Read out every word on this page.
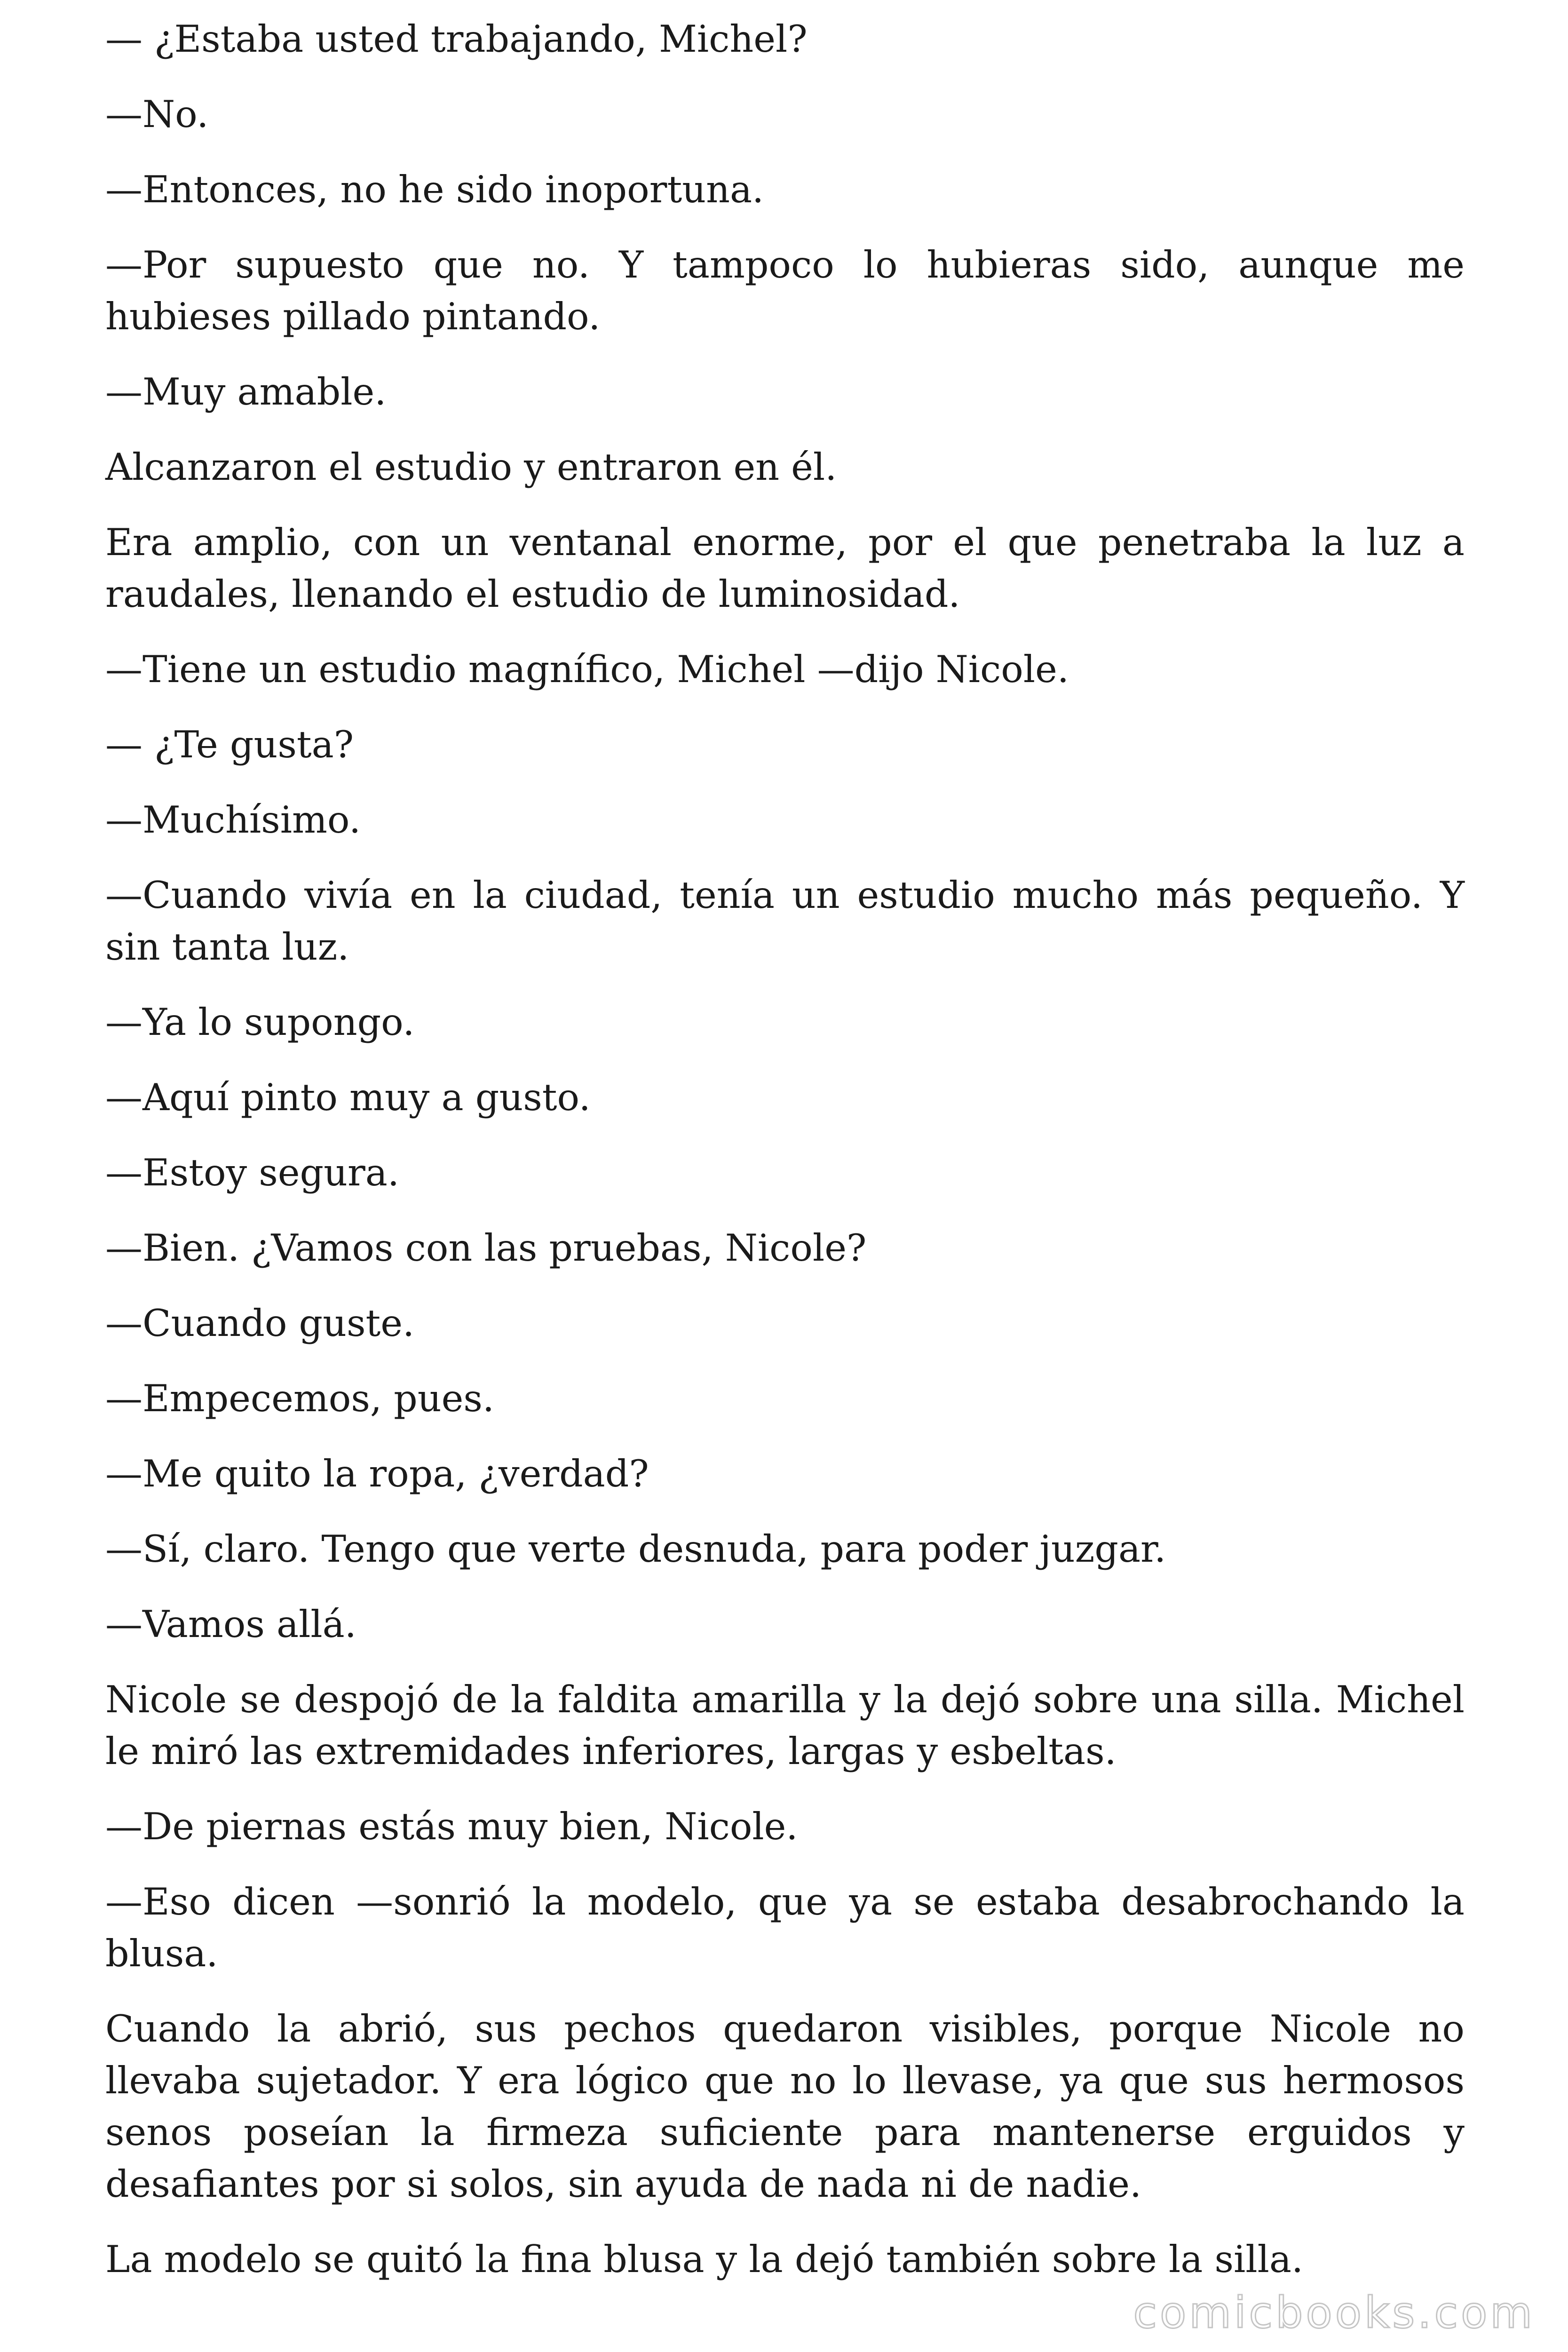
— ¿Estaba usted trabajando, Michel?

—No.

—Entonces, no he sido inoportuna.

—Por supuesto que no. Y tampoco lo hubieras sido, aunque me hubieses pillado pintando.

—Muy amable.

Alcanzaron el estudio y entraron en él.

Era amplio, con un ventanal enorme, por el que penetraba la luz a raudales, llenando el estudio de luminosidad.

—Tiene un estudio magnífico, Michel —dijo Nicole.

— ¿Te gusta?

—Muchísimo.

—Cuando vivía en la ciudad, tenía un estudio mucho más pequeño. Y sin tanta luz.

—Ya lo supongo.

—Aquí pinto muy a gusto.

—Estoy segura.

—Bien. ¿Vamos con las pruebas, Nicole?

—Cuando guste.

—Empecemos, pues.

—Me quito la ropa, ¿verdad?

—Sí, claro. Tengo que verte desnuda, para poder juzgar.

—Vamos allá.

Nicole se despojó de la faldita amarilla y la dejó sobre una silla. Michel le miró las extremidades inferiores, largas y esbeltas.

—De piernas estás muy bien, Nicole.

—Eso dicen —sonrió la modelo, que ya se estaba desabrochando la blusa.

Cuando la abrió, sus pechos quedaron visibles, porque Nicole no llevaba sujetador. Y era lógico que no lo llevase, ya que sus hermosos senos poseían la firmeza suficiente para mantenerse erguidos y desafiantes por si solos, sin ayuda de nada ni de nadie.

La modelo se quitó la fina blusa y la dejó también sobre la silla.

comicbooks.com
